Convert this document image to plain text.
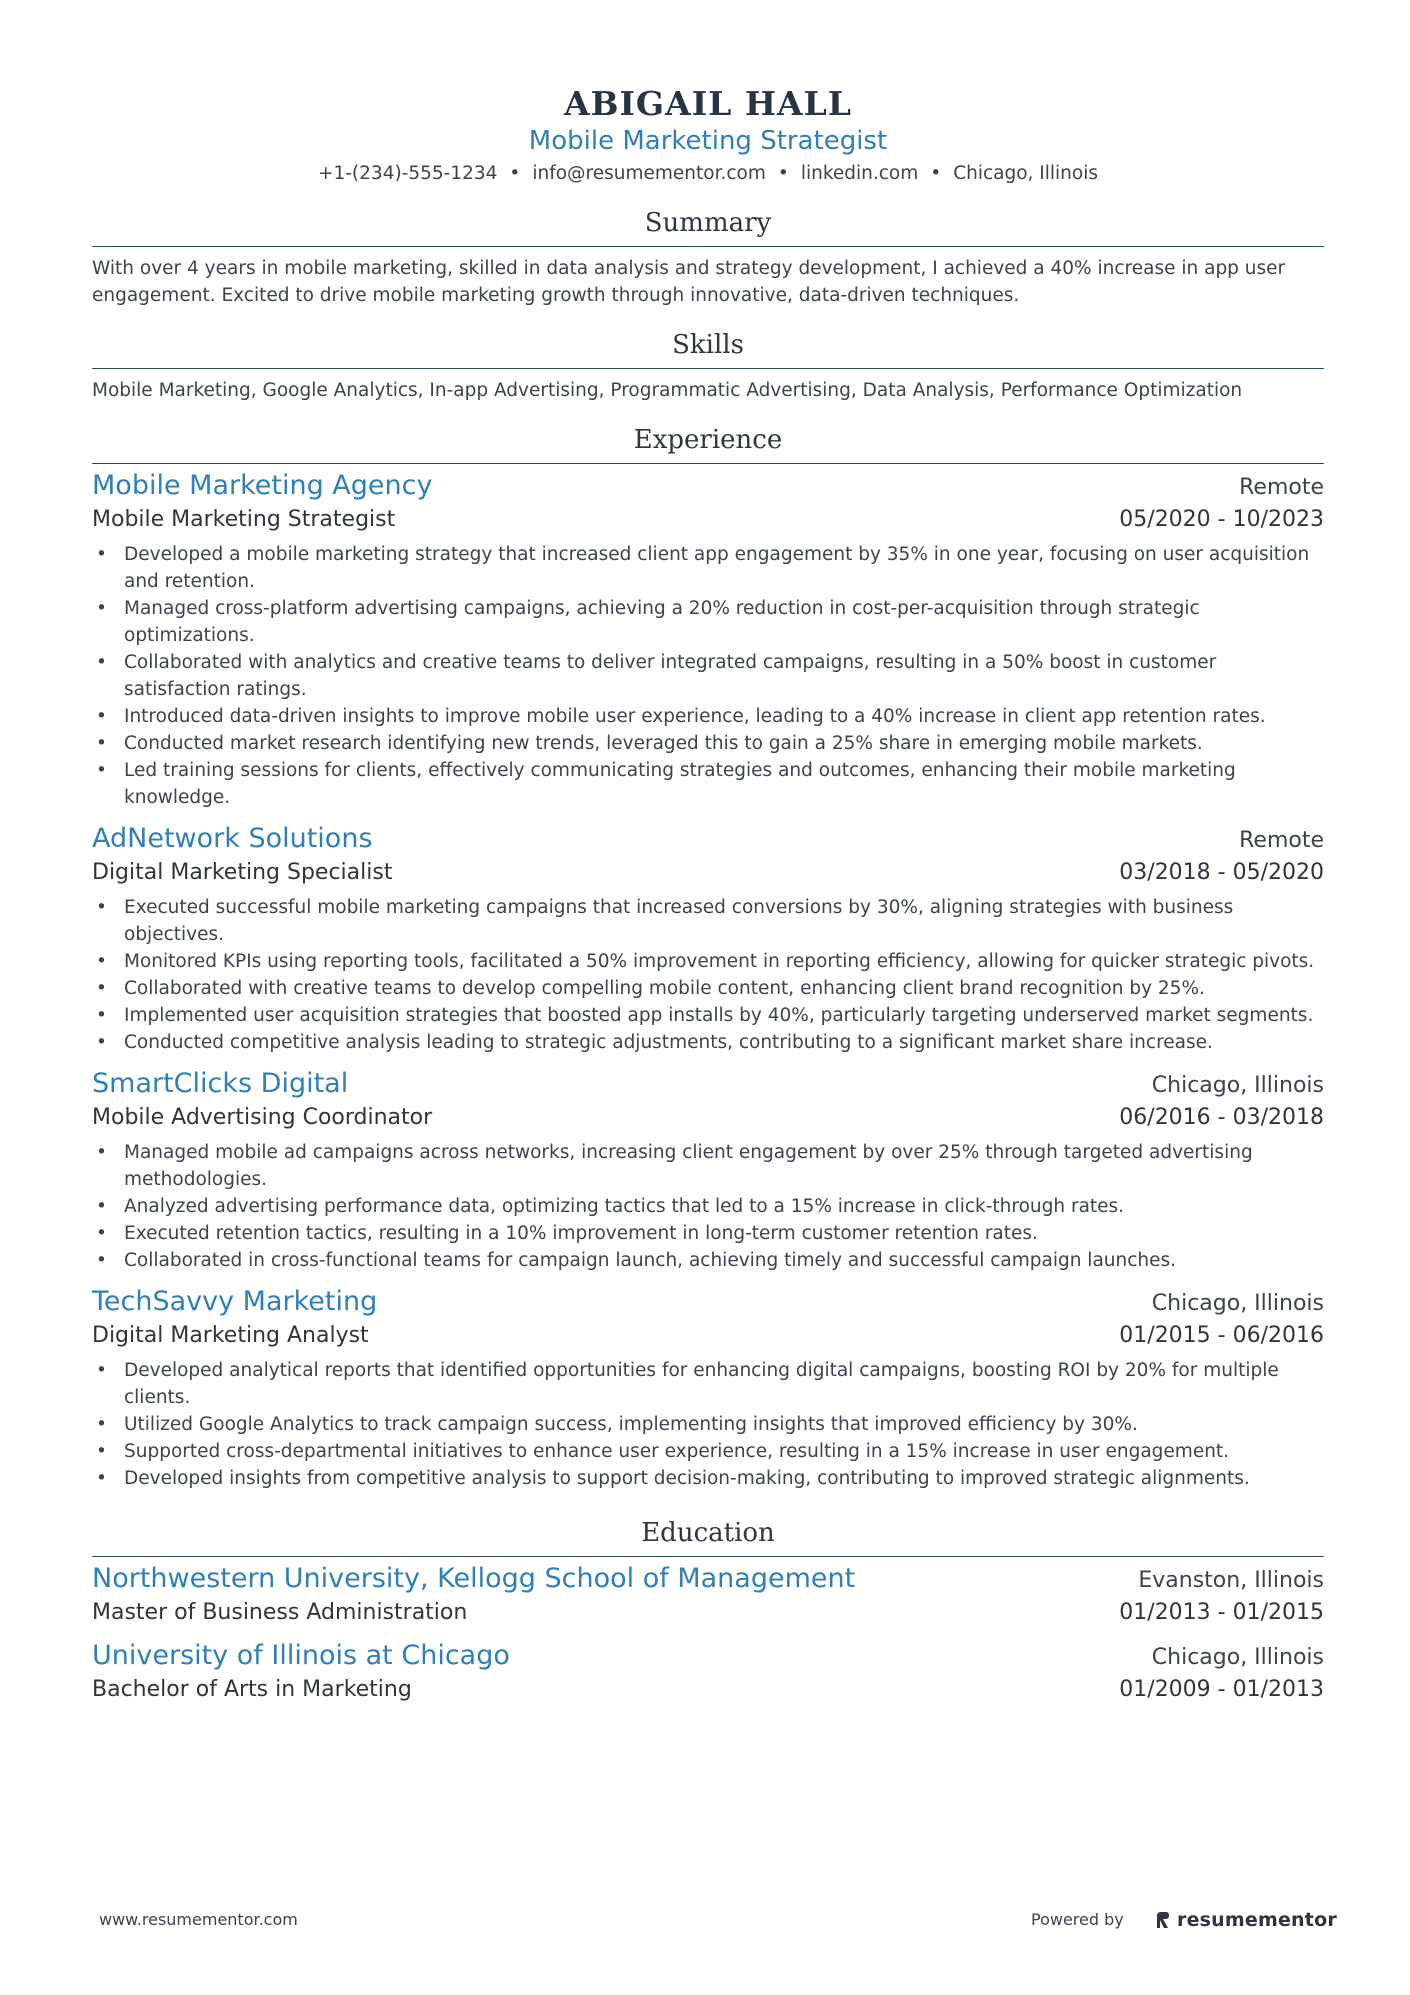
ABIGAIL HALL
Mobile Marketing Strategist
+1-(234)-555-1234 • info@resumementor.com • linkedin.com • Chicago, Illinois
Summary
With over 4 years in mobile marketing, skilled in data analysis and strategy development, I achieved a 40% increase in app user engagement. Excited to drive mobile marketing growth through innovative, data-driven techniques.
Skills
Mobile Marketing, Google Analytics, In-app Advertising, Programmatic Advertising, Data Analysis, Performance Optimization
Experience
Mobile Marketing Agency	Remote
Mobile Marketing Strategist	05/2020 - 10/2023
• Developed a mobile marketing strategy that increased client app engagement by 35% in one year, focusing on user acquisition and retention.
• Managed cross-platform advertising campaigns, achieving a 20% reduction in cost-per-acquisition through strategic optimizations.
• Collaborated with analytics and creative teams to deliver integrated campaigns, resulting in a 50% boost in customer satisfaction ratings.
• Introduced data-driven insights to improve mobile user experience, leading to a 40% increase in client app retention rates.
• Conducted market research identifying new trends, leveraged this to gain a 25% share in emerging mobile markets.
• Led training sessions for clients, effectively communicating strategies and outcomes, enhancing their mobile marketing knowledge.
AdNetwork Solutions	Remote
Digital Marketing Specialist	03/2018 - 05/2020
• Executed successful mobile marketing campaigns that increased conversions by 30%, aligning strategies with business objectives.
• Monitored KPIs using reporting tools, facilitated a 50% improvement in reporting efficiency, allowing for quicker strategic pivots.
• Collaborated with creative teams to develop compelling mobile content, enhancing client brand recognition by 25%.
• Implemented user acquisition strategies that boosted app installs by 40%, particularly targeting underserved market segments.
• Conducted competitive analysis leading to strategic adjustments, contributing to a significant market share increase.
SmartClicks Digital	Chicago, Illinois
Mobile Advertising Coordinator	06/2016 - 03/2018
• Managed mobile ad campaigns across networks, increasing client engagement by over 25% through targeted advertising methodologies.
• Analyzed advertising performance data, optimizing tactics that led to a 15% increase in click-through rates.
• Executed retention tactics, resulting in a 10% improvement in long-term customer retention rates.
• Collaborated in cross-functional teams for campaign launch, achieving timely and successful campaign launches.
TechSavvy Marketing	Chicago, Illinois
Digital Marketing Analyst	01/2015 - 06/2016
• Developed analytical reports that identified opportunities for enhancing digital campaigns, boosting ROI by 20% for multiple clients.
• Utilized Google Analytics to track campaign success, implementing insights that improved efficiency by 30%.
• Supported cross-departmental initiatives to enhance user experience, resulting in a 15% increase in user engagement.
• Developed insights from competitive analysis to support decision-making, contributing to improved strategic alignments.
Education
Northwestern University, Kellogg School of Management	Evanston, Illinois
Master of Business Administration	01/2013 - 01/2015
University of Illinois at Chicago	Chicago, Illinois
Bachelor of Arts in Marketing	01/2009 - 01/2013
www.resumementor.com	Powered by	resumementor
